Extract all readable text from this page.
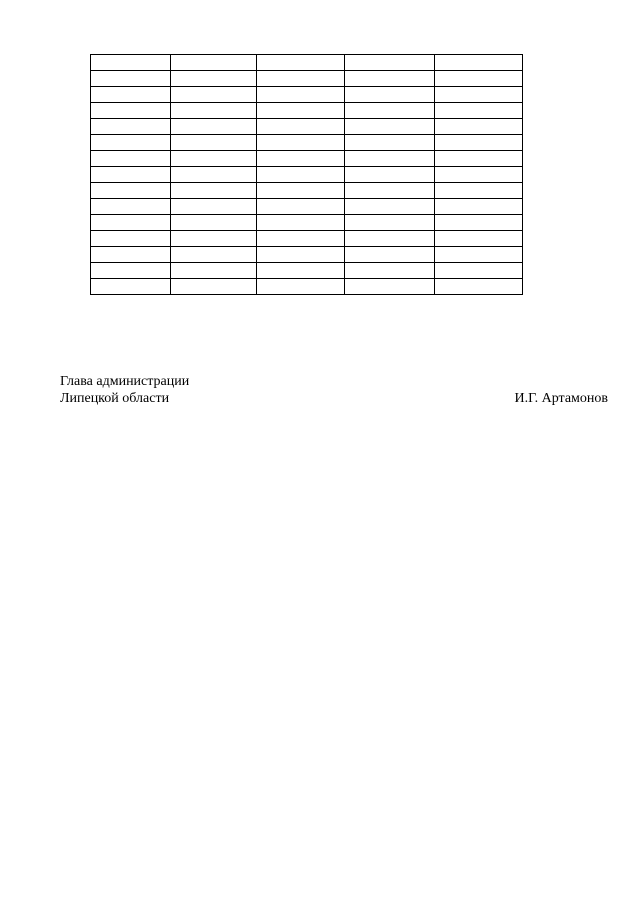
Глава администрации
Липецкой области	И.Г. Артамонов
